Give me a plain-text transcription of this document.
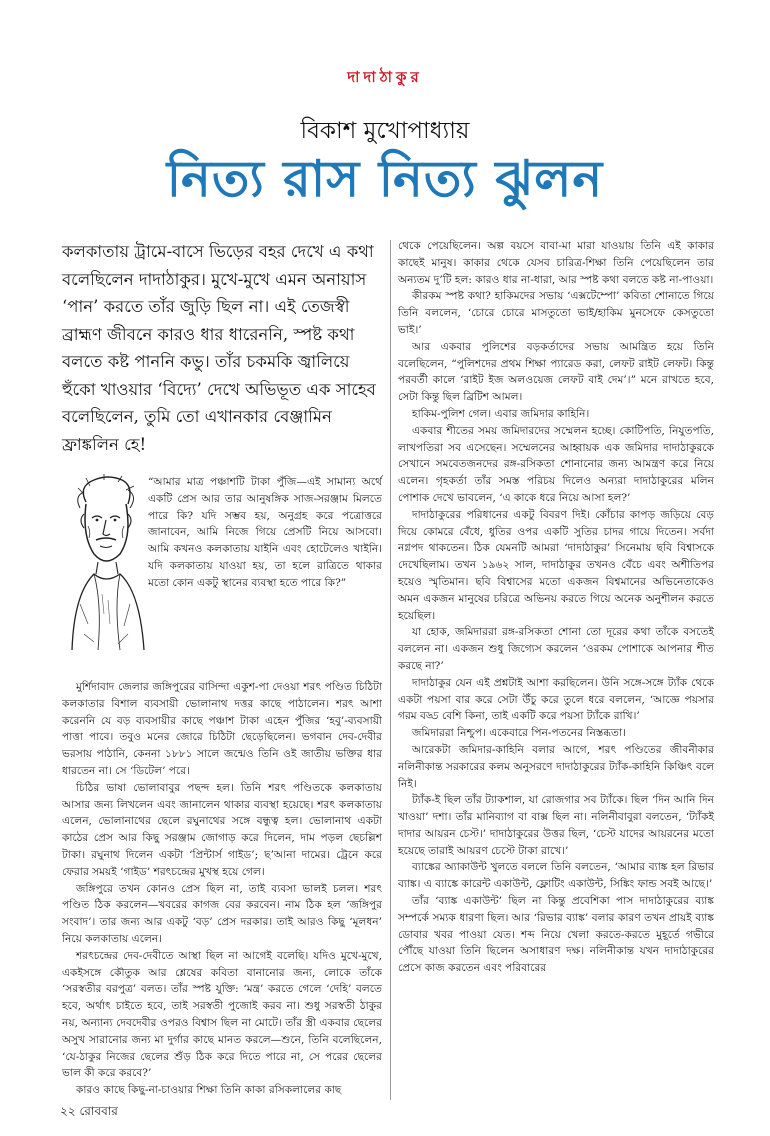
দাদাঠাকুর
বিকাশ মুখোপাধ্যায়
নিত্য রাস নিত্য ঝুলন

কলকাতায় ট্রামে-বাসে ভিড়ের বহর দেখে এ কথা বলেছিলেন দাদাঠাকুর। মুখে-মুখে এমন অনায়াস ‘পান’ করতে তাঁর জুড়ি ছিল না। এই তেজস্বী ব্রাহ্মণ জীবনে কারও ধার ধারেননি, স্পষ্ট কথা বলতে কষ্ট পাননি কভু। তাঁর চকমকি জ্বালিয়ে হুঁকো খাওয়ার ‘বিদ্যে’ দেখে অভিভূত এক সাহেব বলেছিলেন, তুমি তো এখানকার বেঞ্জামিন ফ্রাঙ্কলিন হে!

“আমার মাত্র পঞ্চাশটি টাকা পুঁজি—এই সামান্য অর্থে একটি প্রেস আর তার আনুষঙ্গিক সাজ-সরঞ্জাম মিলতে পারে কি? যদি সম্ভব হয়, অনুগ্রহ করে পত্রোত্তরে জানাবেন, আমি নিজে গিয়ে প্রেসটি নিয়ে আসবো। আমি কখনও কলকাতায় যাইনি এবং হোটেলেও খাইনি। যদি কলকাতায় যাওয়া হয়, তা হলে রাত্রিতে থাকার মতো কোন একটু স্থানের ব্যবস্থা হতে পারে কি?”

মুর্শিদাবাদ জেলার জঙ্গিপুরের বাসিন্দা একুশ-পা দেওয়া শরৎ পণ্ডিত চিঠিটা কলকাতার বিশাল ব্যবসায়ী ভোলানাথ দত্তর কাছে পাঠালেন। শরৎ আশা করেননি যে বড় ব্যবসায়ীর কাছে পঞ্চাশ টাকা এহেন পুঁজির ‘হবু’-ব্যবসায়ী পাত্তা পাবে। তবুও মনের জোরে চিঠিটা ছেড়েছিলেন। ভগবান দেব-দেবীর ভরসায় পাঠানি, কেননা ১৮৮১ সালে জন্মেও তিনি ওই জাতীয় ভক্তির ধার ধারতেন না। সে ‘ডিটেল’ পরে।

চিঠির ভাষা ভোলাবাবুর পছন্দ হল। তিনি শরৎ পণ্ডিতকে কলকাতায় আসার জন্য লিখলেন এবং জানালেন থাকার ব্যবস্থা হয়েছে। শরৎ কলকাতায় এলেন, ভোলানাথের ছেলে রঘুনাথের সঙ্গে বন্ধুত্ব হল। ভোলানাথ একটা কাঠের প্রেস আর কিছু সরঞ্জাম জোগাড় করে দিলেন, দাম পড়ল ছেচল্লিশ টাকা। রঘুনাথ দিলেন একটা ‘প্রিন্টার্স গাইড’; ছ’আনা দামের। ট্রেনে করে ফেরার সময়ই ‘গাইড’ শরৎচন্দ্রের মুখস্থ হয়ে গেল।

জঙ্গিপুরে তখন কোনও প্রেস ছিল না, তাই ব্যবসা ভালই চলল। শরৎ পণ্ডিত ঠিক করলেন—খবরের কাগজ বের করবেন। নাম ঠিক হল ‘জঙ্গিপুর সংবাদ’। তার জন্য আর একটু ‘বড়’ প্রেস দরকার। তাই আরও কিছু ‘মূলধন’ নিয়ে কলকাতায় এলেন।

শরৎচন্দ্রের দেব-দেবীতে আস্থা ছিল না আগেই বলেছি। যদিও মুখে-মুখে, একইসঙ্গে কৌতুক আর শ্লেষের কবিতা বানানোর জন্য, লোকে তাঁকে ‘সরস্বতীর বরপুত্র’ বলত। তাঁর স্পষ্ট যুক্তি: ‘মন্ত্র’ করতে গেলে ‘দেহি’ বলতে হবে, অর্থাৎ চাইতে হবে, তাই সরস্বতী পুজোই করব না। শুধু সরস্বতী ঠাকুর নয়, অন্যান্য দেবদেবীর ওপরও বিশ্বাস ছিল না মোটে। তাঁর স্ত্রী একবার ছেলের অসুখ সারানোর জন্য মা দুর্গার কাছে মানত করলে—শুনে, তিনি বলেছিলেন, ‘যে-ঠাকুর নিজের ছেলের শুঁড় ঠিক করে দিতে পারে না, সে পরের ছেলের ভাল কী করে করবে?’

কারও কাছে কিছু-না-চাওয়ার শিক্ষা তিনি কাকা রসিকলালের কাছ

থেকে পেয়েছিলেন। অল্প বয়সে বাবা-মা মারা যাওয়ায় তিনি এই কাকার কাছেই মানুষ। কাকার থেকে যেসব চারিত্র-শিক্ষা তিনি পেয়েছিলেন তার অন্যতম দু’টি হল: কারও ধার না-ধারা, আর স্পষ্ট কথা বলতে কষ্ট না-পাওয়া।

কীরকম স্পষ্ট কথা? হাকিমদের সভায় ‘এক্সটেম্পো’ কবিতা শোনাতে গিয়ে তিনি বললেন, ‘চোরে চোরে মাসতুতো ভাই/হাকিম মুনসেফে কেসতুতো ভাই।’

আর একবার পুলিশের বড়কর্তাদের সভায় আমন্ত্রিত হয়ে তিনি বলেছিলেন, “পুলিশদের প্রথম শিক্ষা প্যারেড করা, লেফট রাইট লেফট। কিন্তু পরবর্তী কালে ‘রাইট ইজ অলওয়েজ লেফট বাই দেম’।” মনে রাখতে হবে, সেটা কিন্তু ছিল ব্রিটিশ আমল।

হাকিম-পুলিশ গেল। এবার জমিদার কাহিনি।

একবার শীতের সময় জমিদারদের সম্মেলন হচ্ছে। কোটিপতি, নিযুতপতি, লাখপতিরা সব এসেছেন। সম্মেলনের আহ্বায়ক এক জমিদার দাদাঠাকুরকে সেখানে সমবেতজনদের রঙ্গ-রসিকতা শোনানোর জন্য আমন্ত্রণ করে নিয়ে এলেন। গৃহকর্তা তাঁর সমস্ত পরিচয় দিলেও অন্যরা দাদাঠাকুরের মলিন পোশাক দেখে ভাবলেন, ‘এ কাকে ধরে নিয়ে আসা হল?’

দাদাঠাকুরের পরিধানের একটু বিবরণ দিই। কোঁচার কাপড় জড়িয়ে বেড় দিয়ে কোমরে বেঁধে, ধুতির ওপর একটি সুতির চাদর গায়ে দিতেন। সর্বদা নগ্নপদ থাকতেন। ঠিক যেমনটি আমরা ‘দাদাঠাকুর’ সিনেমায় ছবি বিশ্বাসকে দেখেছিলাম। তখন ১৯৬২ সাল, দাদাঠাকুর তখনও বেঁচে এবং অশীতিপর হয়েও স্মৃতিমান। ছবি বিশ্বাসের মতো একজন বিশ্বমানের অভিনেতাকেও অমন একজন মানুষের চরিত্রে অভিনয় করতে গিয়ে অনেক অনুশীলন করতে হয়েছিল।

যা হোক, জমিদাররা রঙ্গ-রসিকতা শোনা তো দূরের কথা তাঁকে বসতেই বললেন না। একজন শুধু জিগ্যেস করলেন ‘ওরকম পোশাকে আপনার শীত করছে না?’

দাদাঠাকুর যেন এই প্রশ্নটাই আশা করছিলেন। উনি সঙ্গে-সঙ্গে ট্যাঁক থেকে একটা পয়সা বার করে সেটা উঁচু করে তুলে ধরে বললেন, ‘আজ্ঞে পয়সার গরম বড্ড বেশি কিনা, তাই একটি করে পয়সা ট্যাঁকে রাখি।’

জমিদাররা নিশ্চুপ। একেবারে পিন-পতনের নিস্তব্ধতা।

আরেকটা জমিদার-কাহিনি বলার আগে, শরৎ পণ্ডিতের জীবনীকার নলিনীকান্ত সরকারের কলম অনুসরণে দাদাঠাকুরের ট্যাঁক-কাহিনি কিঞ্চিৎ বলে নিই।

ট্যাঁক-ই ছিল তাঁর ট্যাকশাল, যা রোজগার সব ট্যাঁকে। ছিল ‘দিন আনি দিন খাওয়া’ দশা। তাঁর মানিব্যাগ বা বাক্স ছিল না। নলিনীবাবুরা বলতেন, ‘ট্যাঁকই দাদার আয়রন চেস্ট।’ দাদাঠাকুরের উত্তর ছিল, ‘চেস্ট যাদের আয়রনের মতো হয়েছে তারাই আয়রণ চেস্টে টাকা রাখে।’

ব্যাঙ্কের অ্যাকাউন্ট খুলতে বললে তিনি বলতেন, ‘আমার ব্যাঙ্ক হল রিভার ব্যাঙ্ক। এ ব্যাঙ্কে কারেন্ট একাউন্ট, ফ্লোটিং একাউন্ট, সিঙ্কিং ফান্ড সবই আছে।’

তাঁর ‘ব্যাঙ্ক একাউন্ট’ ছিল না কিন্তু প্রবেশিকা পাস দাদাঠাকুরের ব্যাঙ্ক সম্পর্কে সম্যক ধারণা ছিল। আর ‘রিভার ব্যাঙ্ক’ বলার কারণ তখন প্রায়ই ব্যাঙ্ক ডোবার খবর পাওয়া যেত। শব্দ নিয়ে খেলা করতে-করতে মুহূর্তে গভীরে পৌঁছে যাওয়া তিনি ছিলেন অসাধারণ দক্ষ। নলিনীকান্ত যখন দাদাঠাকুরের প্রেসে কাজ করতেন এবং পরিবারের

২২ রোববার
